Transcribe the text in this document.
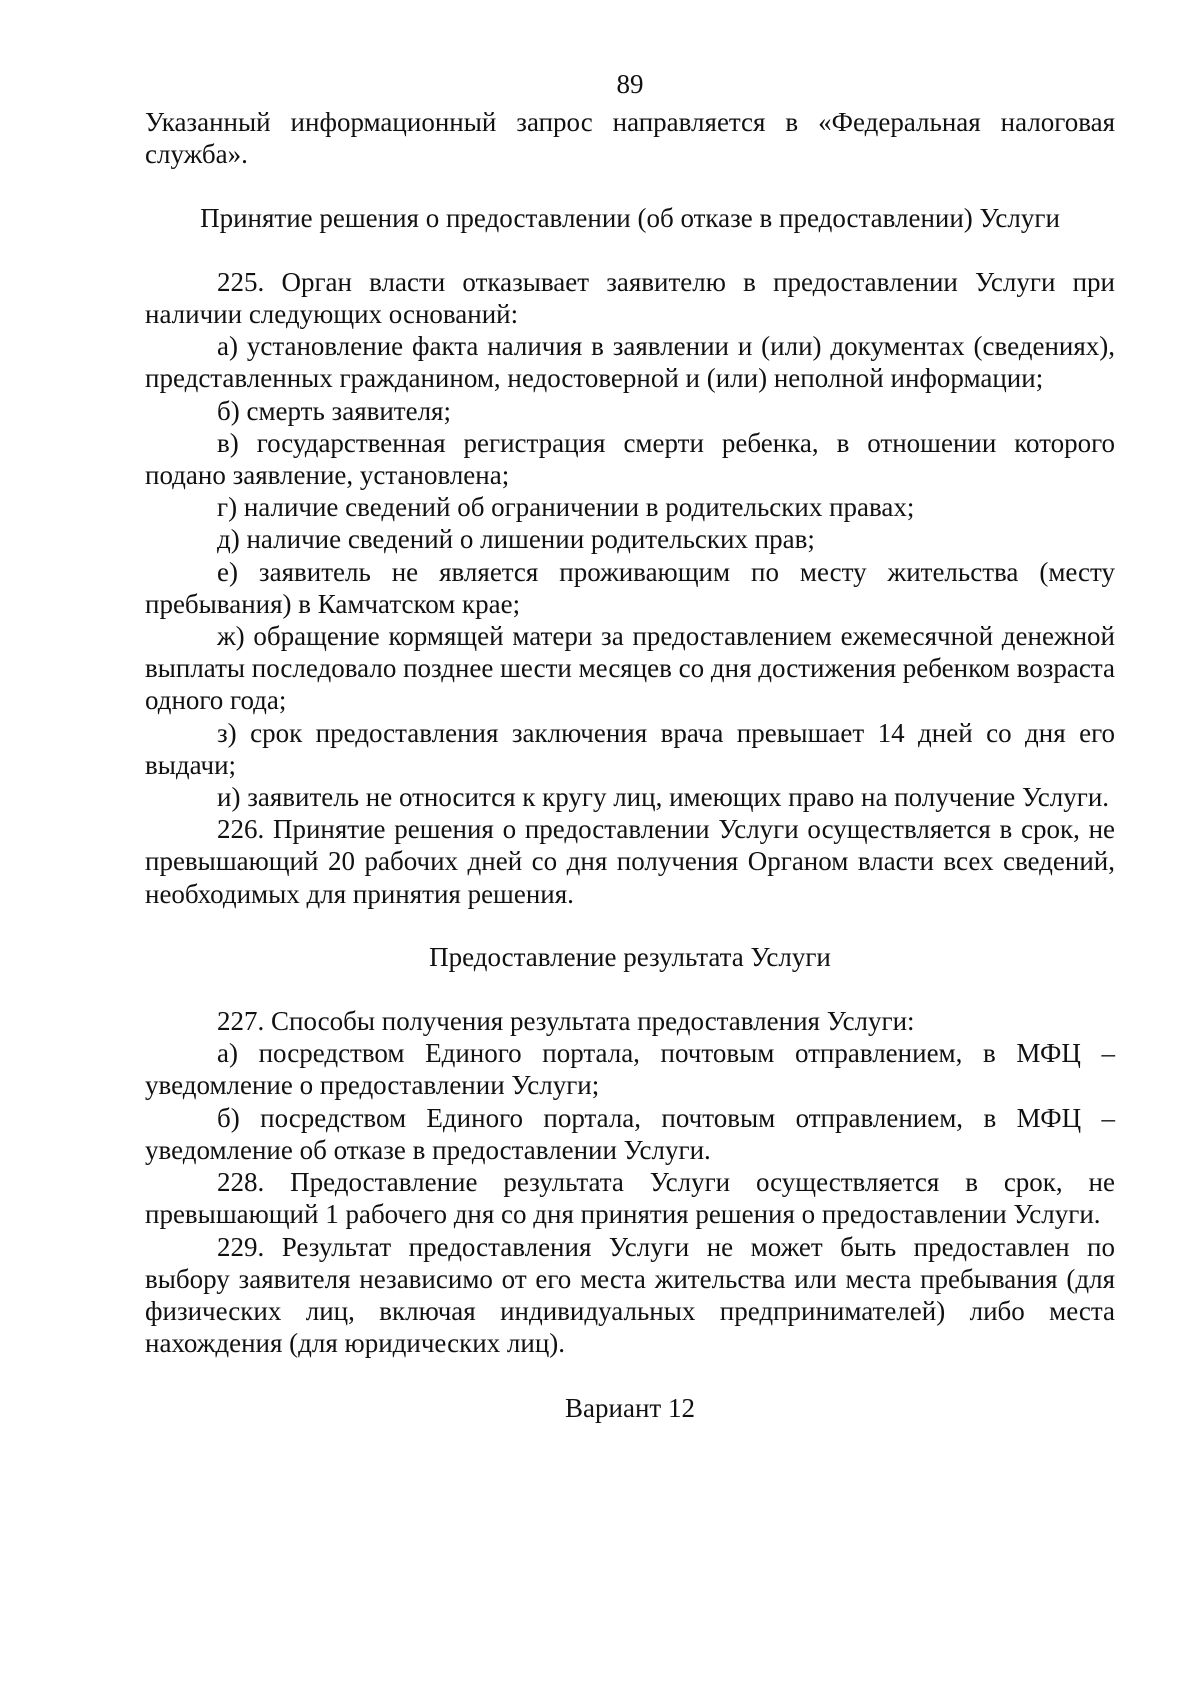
89

Указанный информационный запрос направляется в «Федеральная налоговая служба».

Принятие решения о предоставлении (об отказе в предоставлении) Услуги

225. Орган власти отказывает заявителю в предоставлении Услуги при наличии следующих оснований:

а) установление факта наличия в заявлении и (или) документах (сведениях), представленных гражданином, недостоверной и (или) неполной информации;

б) смерть заявителя;

в) государственная регистрация смерти ребенка, в отношении которого подано заявление, установлена;

г) наличие сведений об ограничении в родительских правах;

д) наличие сведений о лишении родительских прав;

е) заявитель не является проживающим по месту жительства (месту пребывания) в Камчатском крае;

ж) обращение кормящей матери за предоставлением ежемесячной денежной выплаты последовало позднее шести месяцев со дня достижения ребенком возраста одного года;

з) срок предоставления заключения врача превышает 14 дней со дня его выдачи;

и) заявитель не относится к кругу лиц, имеющих право на получение Услуги.

226. Принятие решения о предоставлении Услуги осуществляется в срок, не превышающий 20 рабочих дней со дня получения Органом власти всех сведений, необходимых для принятия решения.

Предоставление результата Услуги

227. Способы получения результата предоставления Услуги:

а) посредством Единого портала, почтовым отправлением, в МФЦ – уведомление о предоставлении Услуги;

б) посредством Единого портала, почтовым отправлением, в МФЦ – уведомление об отказе в предоставлении Услуги.

228. Предоставление результата Услуги осуществляется в срок, не превышающий 1 рабочего дня со дня принятия решения о предоставлении Услуги.

229. Результат предоставления Услуги не может быть предоставлен по выбору заявителя независимо от его места жительства или места пребывания (для физических лиц, включая индивидуальных предпринимателей) либо места нахождения (для юридических лиц).

Вариант 12
